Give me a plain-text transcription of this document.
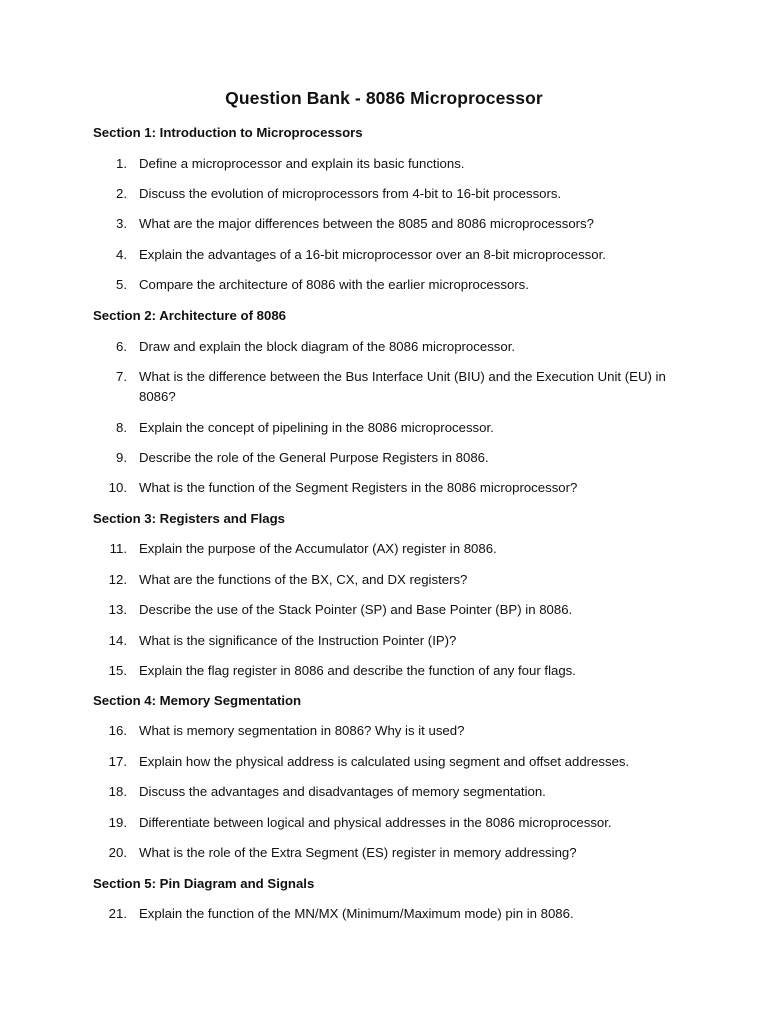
Question Bank - 8086 Microprocessor
Section 1: Introduction to Microprocessors
1. Define a microprocessor and explain its basic functions.
2. Discuss the evolution of microprocessors from 4-bit to 16-bit processors.
3. What are the major differences between the 8085 and 8086 microprocessors?
4. Explain the advantages of a 16-bit microprocessor over an 8-bit microprocessor.
5. Compare the architecture of 8086 with the earlier microprocessors.
Section 2: Architecture of 8086
6. Draw and explain the block diagram of the 8086 microprocessor.
7. What is the difference between the Bus Interface Unit (BIU) and the Execution Unit (EU) in 8086?
8. Explain the concept of pipelining in the 8086 microprocessor.
9. Describe the role of the General Purpose Registers in 8086.
10. What is the function of the Segment Registers in the 8086 microprocessor?
Section 3: Registers and Flags
11. Explain the purpose of the Accumulator (AX) register in 8086.
12. What are the functions of the BX, CX, and DX registers?
13. Describe the use of the Stack Pointer (SP) and Base Pointer (BP) in 8086.
14. What is the significance of the Instruction Pointer (IP)?
15. Explain the flag register in 8086 and describe the function of any four flags.
Section 4: Memory Segmentation
16. What is memory segmentation in 8086? Why is it used?
17. Explain how the physical address is calculated using segment and offset addresses.
18. Discuss the advantages and disadvantages of memory segmentation.
19. Differentiate between logical and physical addresses in the 8086 microprocessor.
20. What is the role of the Extra Segment (ES) register in memory addressing?
Section 5: Pin Diagram and Signals
21. Explain the function of the MN/MX (Minimum/Maximum mode) pin in 8086.
